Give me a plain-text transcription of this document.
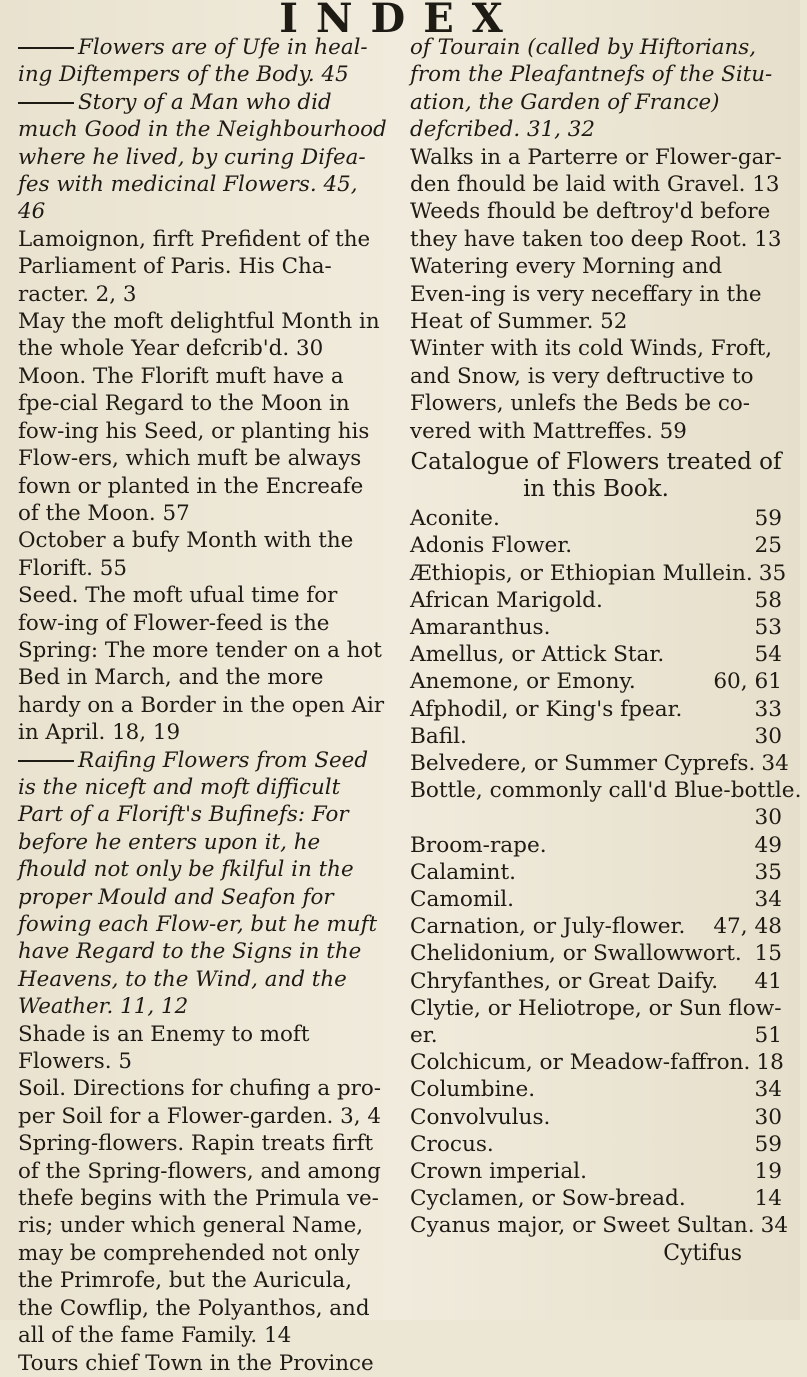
INDEX

Flowers are of Ufe in heal-ing Diftempers of the Body. 45

Story of a Man who did much Good in the Neighbourhood where he lived, by curing Difea-fes with medicinal Flowers. 45, 46

Lamoignon, firft Prefident of the Parliament of Paris. His Cha-racter. 2, 3

May the moft delightful Month in the whole Year defcrib'd. 30

Moon. The Florift muft have a fpe-cial Regard to the Moon in fow-ing his Seed, or planting his Flow-ers, which muft be always fown or planted in the Encreafe of the Moon. 57

October a bufy Month with the Florift. 55

Seed. The moft ufual time for fow-ing of Flower-feed is the Spring: The more tender on a hot Bed in March, and the more hardy on a Border in the open Air in April. 18, 19

Raifing Flowers from Seed is the niceft and moft difficult Part of a Florift's Bufinefs: For before he enters upon it, he fhould not only be fkilful in the proper Mould and Seafon for fowing each Flow-er, but he muft have Regard to the Signs in the Heavens, to the Wind, and the Weather. 11, 12

Shade is an Enemy to moft Flowers. 5

Soil. Directions for chufing a pro-per Soil for a Flower-garden. 3, 4

Spring-flowers. Rapin treats firft of the Spring-flowers, and among thefe begins with the Primula ve-ris; under which general Name, may be comprehended not only the Primrofe, but the Auricula, the Cowflip, the Polyanthos, and all of the fame Family. 14

Tours chief Town in the Province

of Tourain (called by Hiftorians, from the Pleafantnefs of the Situ-ation, the Garden of France) defcribed. 31, 32

Walks in a Parterre or Flower-gar-den fhould be laid with Gravel. 13

Weeds fhould be deftroy'd before they have taken too deep Root. 13

Watering every Morning and Even-ing is very neceffary in the Heat of Summer. 52

Winter with its cold Winds, Froft, and Snow, is very deftructive to Flowers, unlefs the Beds be co-vered with Mattreffes. 59

Catalogue of Flowers treated of in this Book.
Aconite.	59
Adonis Flower.	25
Æthiopis, or Ethiopian Mullein. 35
African Marigold.	58
Amaranthus.	53
Amellus, or Attick Star.	54
Anemone, or Emony.	60, 61
Afphodil, or King's fpear.	33
Bafil.	30
Belvedere, or Summer Cyprefs. 34
Bottle, commonly call'd Blue-bottle.
30
Broom-rape.	49
Calamint.	35
Camomil.	34
Carnation, or July-flower. 47, 48
Chelidonium, or Swallowwort. 15
Chryfanthes, or Great Daify. 41
Clytie, or Heliotrope, or Sun flow-
er.	51
Colchicum, or Meadow-faffron. 18
Columbine.	34
Convolvulus.	30
Crocus.	59
Crown imperial.	19
Cyclamen, or Sow-bread.	14
Cyanus major, or Sweet Sultan. 34
Cytifus
